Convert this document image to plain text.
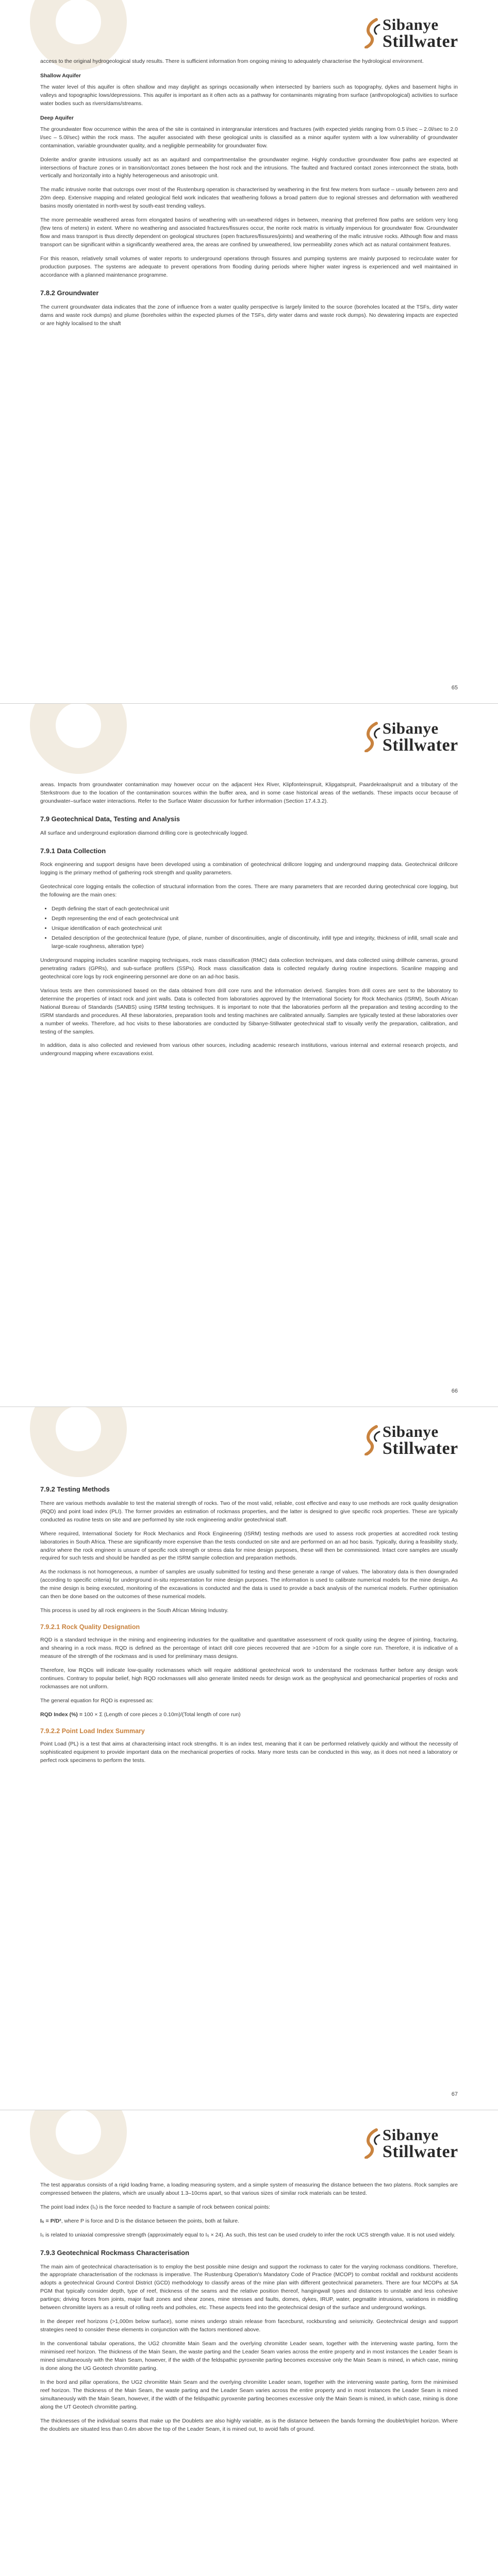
Sibanye
Stillwater

access to the original hydrogeological study results. There is sufficient information from ongoing mining to adequately characterise the hydrological environment.

Shallow Aquifer

The water level of this aquifer is often shallow and may daylight as springs occasionally when intersected by barriers such as topography, dykes and basement highs in valleys and topographic lows/depressions. This aquifer is important as it often acts as a pathway for contaminants migrating from surface (anthropological) activities to surface water bodies such as rivers/dams/streams.

Deep Aquifer

The groundwater flow occurrence within the area of the site is contained in intergranular interstices and fractures (with expected yields ranging from 0.5 l/sec – 2.0l/sec to 2.0 l/sec – 5.0l/sec) within the rock mass. The aquifer associated with these geological units is classified as a minor aquifer system with a low vulnerability of groundwater contamination, variable groundwater quality, and a negligible permeability for groundwater flow.

Dolerite and/or granite intrusions usually act as an aquitard and compartmentalise the groundwater regime. Highly conductive groundwater flow paths are expected at intersections of fracture zones or in transition/contact zones between the host rock and the intrusions. The faulted and fractured contact zones interconnect the strata, both vertically and horizontally into a highly heterogeneous and anisotropic unit.

The mafic intrusive norite that outcrops over most of the Rustenburg operation is characterised by weathering in the first few meters from surface – usually between zero and 20m deep. Extensive mapping and related geological field work indicates that weathering follows a broad pattern due to regional stresses and deformation with weathered basins mostly orientated in north-west by south-east trending valleys.

The more permeable weathered areas form elongated basins of weathering with un-weathered ridges in between, meaning that preferred flow paths are seldom very long (few tens of meters) in extent. Where no weathering and associated fractures/fissures occur, the norite rock matrix is virtually impervious for groundwater flow. Groundwater flow and mass transport is thus directly dependent on geological structures (open fractures/fissures/joints) and weathering of the mafic intrusive rocks. Although flow and mass transport can be significant within a significantly weathered area, the areas are confined by unweathered, low permeability zones which act as natural containment features.

For this reason, relatively small volumes of water reports to underground operations through fissures and pumping systems are mainly purposed to recirculate water for production purposes. The systems are adequate to prevent operations from flooding during periods where higher water ingress is experienced and well maintained in accordance with a planned maintenance programme.

7.8.2 Groundwater

The current groundwater data indicates that the zone of influence from a water quality perspective is largely limited to the source (boreholes located at the TSFs, dirty water dams and waste rock dumps) and plume (boreholes within the expected plumes of the TSFs, dirty water dams and waste rock dumps). No dewatering impacts are expected or are highly localised to the shaft

65
Sibanye
Stillwater

areas. Impacts from groundwater contamination may however occur on the adjacent Hex River, Klipfonteinspruit, Klipgatspruit, Paardekraalspruit and a tributary of the Sterkstroom due to the location of the contamination sources within the buffer area, and in some case historical areas of the wetlands. These impacts occur because of groundwater–surface water interactions. Refer to the Surface Water discussion for further information (Section 17.4.3.2).

7.9 Geotechnical Data, Testing and Analysis

All surface and underground exploration diamond drilling core is geotechnically logged.

7.9.1 Data Collection

Rock engineering and support designs have been developed using a combination of geotechnical drillcore logging and underground mapping data. Geotechnical drillcore logging is the primary method of gathering rock strength and quality parameters.

Geotechnical core logging entails the collection of structural information from the cores. There are many parameters that are recorded during geotechnical core logging, but the following are the main ones:

• Depth defining the start of each geotechnical unit
• Depth representing the end of each geotechnical unit
• Unique identification of each geotechnical unit
• Detailed description of the geotechnical feature (type, of plane, number of discontinuities, angle of discontinuity, infill type and integrity, thickness of infill, small scale and large-scale roughness, alteration type)

Underground mapping includes scanline mapping techniques, rock mass classification (RMC) data collection techniques, and data collected using drillhole cameras, ground penetrating radars (GPRs), and sub-surface profilers (SSPs). Rock mass classification data is collected regularly during routine inspections. Scanline mapping and geotechnical core logs by rock engineering personnel are done on an ad-hoc basis.

Various tests are then commissioned based on the data obtained from drill core runs and the information derived. Samples from drill cores are sent to the laboratory to determine the properties of intact rock and joint walls. Data is collected from laboratories approved by the International Society for Rock Mechanics (ISRM), South African National Bureau of Standards (SANBS) using ISRM testing techniques. It is important to note that the laboratories perform all the preparation and testing according to the ISRM standards and procedures. All these laboratories, preparation tools and testing machines are calibrated annually. Samples are typically tested at these laboratories over a number of weeks. Therefore, ad hoc visits to these laboratories are conducted by Sibanye-Stillwater geotechnical staff to visually verify the preparation, calibration, and testing of the samples.

In addition, data is also collected and reviewed from various other sources, including academic research institutions, various internal and external research projects, and underground mapping where excavations exist.

66
Sibanye
Stillwater
7.9.2 Testing Methods

There are various methods available to test the material strength of rocks. Two of the most valid, reliable, cost effective and easy to use methods are rock quality designation (RQD) and point load index (PLI). The former provides an estimation of rockmass properties, and the latter is designed to give specific rock properties. These are typically conducted as routine tests on site and are performed by site rock engineering and/or geotechnical staff.

Where required, International Society for Rock Mechanics and Rock Engineering (ISRM) testing methods are used to assess rock properties at accredited rock testing laboratories in South Africa. These are significantly more expensive than the tests conducted on site and are performed on an ad hoc basis. Typically, during a feasibility study, and/or where the rock engineer is unsure of specific rock strength or stress data for mine design purposes, these will then be commissioned. Intact core samples are usually required for such tests and should be handled as per the ISRM sample collection and preparation methods.

As the rockmass is not homogeneous, a number of samples are usually submitted for testing and these generate a range of values. The laboratory data is then downgraded (according to specific criteria) for underground in-situ representation for mine design purposes. The information is used to calibrate numerical models for the mine design. As the mine design is being executed, monitoring of the excavations is conducted and the data is used to provide a back analysis of the numerical models. Further optimisation can then be done based on the outcomes of these numerical models.

This process is used by all rock engineers in the South African Mining Industry.

7.9.2.1 Rock Quality Designation

RQD is a standard technique in the mining and engineering industries for the qualitative and quantitative assessment of rock quality using the degree of jointing, fracturing, and shearing in a rock mass. RQD is defined as the percentage of intact drill core pieces recovered that are >10cm for a single core run. Therefore, it is indicative of a measure of the strength of the rockmass and is used for preliminary mass designs.

Therefore, low RQDs will indicate low-quality rockmasses which will require additional geotechnical work to understand the rockmass further before any design work continues. Contrary to popular belief, high RQD rockmasses will also generate limited needs for design work as the geophysical and geomechanical properties of rocks and rockmasses are not uniform.

The general equation for RQD is expressed as:

RQD Index (%) = 100 × Σ (Length of core pieces ≥ 0.10m)/(Total length of core run)

7.9.2.2 Point Load Index Summary

Point Load (PL) is a test that aims at characterising intact rock strengths. It is an index test, meaning that it can be performed relatively quickly and without the necessity of sophisticated equipment to provide important data on the mechanical properties of rocks. Many more tests can be conducted in this way, as it does not need a laboratory or perfect rock specimens to perform the tests.

67
Sibanye
Stillwater

The test apparatus consists of a rigid loading frame, a loading measuring system, and a simple system of measuring the distance between the two platens. Rock samples are compressed between the platens, which are usually about 1.3–10cms apart, so that various sizes of similar rock materials can be tested.

The point load index (I₅) is the force needed to fracture a sample of rock between conical points:

I₅ = P/D², where P is force and D is the distance between the points, both at failure.

I₅ is related to uniaxial compressive strength (approximately equal to I₅ × 24). As such, this test can be used crudely to infer the rock UCS strength value. It is not used widely.

7.9.3 Geotechnical Rockmass Characterisation

The main aim of geotechnical characterisation is to employ the best possible mine design and support the rockmass to cater for the varying rockmass conditions. Therefore, the appropriate characterisation of the rockmass is imperative. The Rustenburg Operation's Mandatory Code of Practice (MCOP) to combat rockfall and rockburst accidents adopts a geotechnical Ground Control District (GCD) methodology to classify areas of the mine plan with different geotechnical parameters. There are four MCOPs at SA PGM that typically consider depth, type of reef, thickness of the seams and the relative position thereof, hangingwall types and distances to unstable and less cohesive partings; driving forces from joints, major fault zones and shear zones, mine stresses and faults, domes, dykes, IRUP, water, pegmatite intrusions, variations in middling between chromitite layers as a result of rolling reefs and potholes, etc. These aspects feed into the geotechnical design of the surface and underground workings.

In the deeper reef horizons (>1,000m below surface), some mines undergo strain release from facecburst, rockbursting and seismicity. Geotechnical design and support strategies need to consider these elements in conjunction with the factors mentioned above.

In the conventional tabular operations, the UG2 chromitite Main Seam and the overlying chromitite Leader seam, together with the intervening waste parting, form the minimised reef horizon. The thickness of the Main Seam, the waste parting and the Leader Seam varies across the entire property and in most instances the Leader Seam is mined simultaneously with the Main Seam, however, if the width of the feldspathic pyroxenite parting becomes excessive only the Main Seam is mined, in which case, mining is done along the UG Geotech chromitite parting.

In the bord and pillar operations, the UG2 chromitite Main Seam and the overlying chromitite Leader seam, together with the intervening waste parting, form the minimised reef horizon. The thickness of the Main Seam, the waste parting and the Leader Seam varies across the entire property and in most instances the Leader Seam is mined simultaneously with the Main Seam, however, if the width of the feldspathic pyroxenite parting becomes excessive only the Main Seam is mined, in which case, mining is done along the UT Geotech chromitite parting.

The thicknesses of the individual seams that make up the Doublets are also highly variable, as is the distance between the bands forming the doublet/triplet horizon. Where the doublets are situated less than 0.4m above the top of the Leader Seam, it is mined out, to avoid falls of ground.
